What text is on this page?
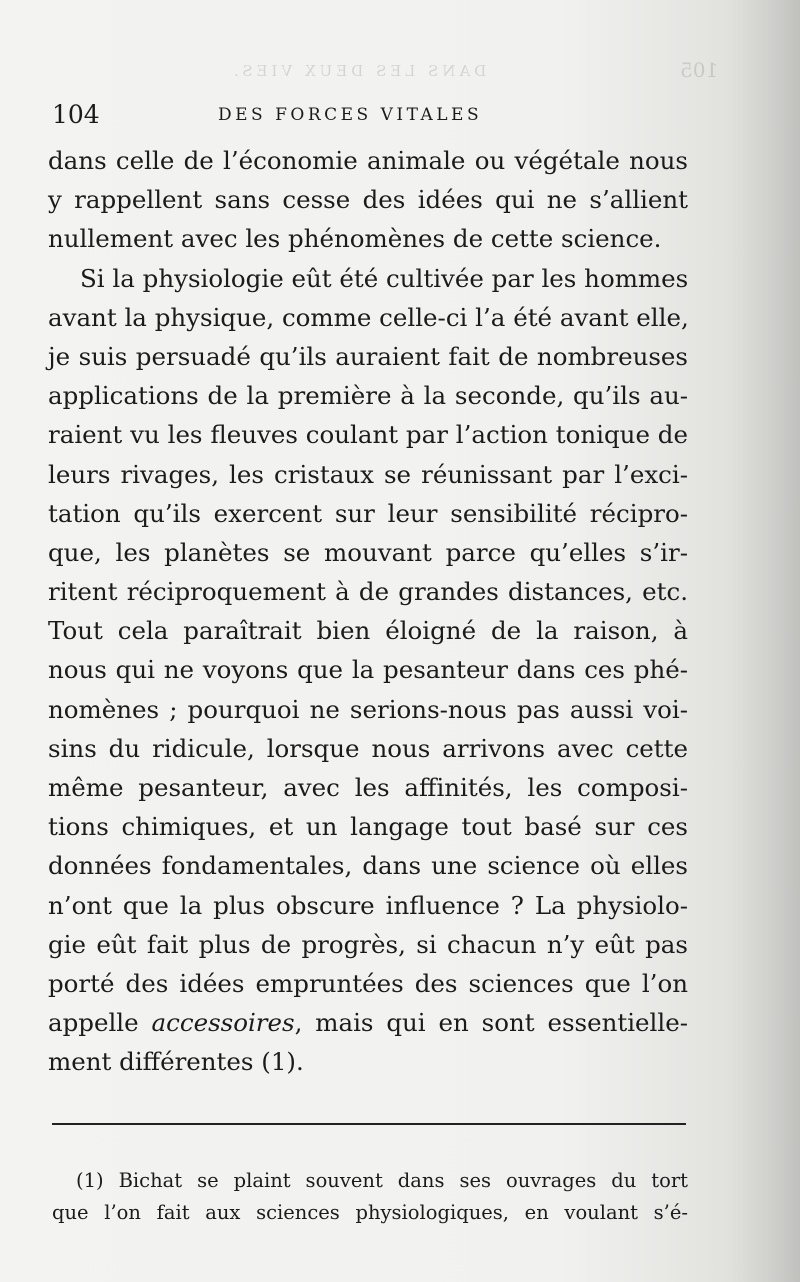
DANS LES DEUX VIES.	105
104	DES FORCES VITALES
dans celle de l’économie animale ou végétale nous
y rappellent sans cesse des idées qui ne s’allient
nullement avec les phénomènes de cette science.
Si la physiologie eût été cultivée par les hommes
avant la physique, comme celle-ci l’a été avant elle,
je suis persuadé qu’ils auraient fait de nombreuses
applications de la première à la seconde, qu’ils au-
raient vu les fleuves coulant par l’action tonique de
leurs rivages, les cristaux se réunissant par l’exci-
tation qu’ils exercent sur leur sensibilité récipro-
que, les planètes se mouvant parce qu’elles s’ir-
ritent réciproquement à de grandes distances, etc.
Tout cela paraîtrait bien éloigné de la raison, à
nous qui ne voyons que la pesanteur dans ces phé-
nomènes ; pourquoi ne serions-nous pas aussi voi-
sins du ridicule, lorsque nous arrivons avec cette
même pesanteur, avec les affinités, les composi-
tions chimiques, et un langage tout basé sur ces
données fondamentales, dans une science où elles
n’ont que la plus obscure influence ? La physiolo-
gie eût fait plus de progrès, si chacun n’y eût pas
porté des idées empruntées des sciences que l’on
appelle accessoires, mais qui en sont essentielle-
ment différentes (1).
(1) Bichat se plaint souvent dans ses ouvrages du tort
que l’on fait aux sciences physiologiques, en voulant s’é-
